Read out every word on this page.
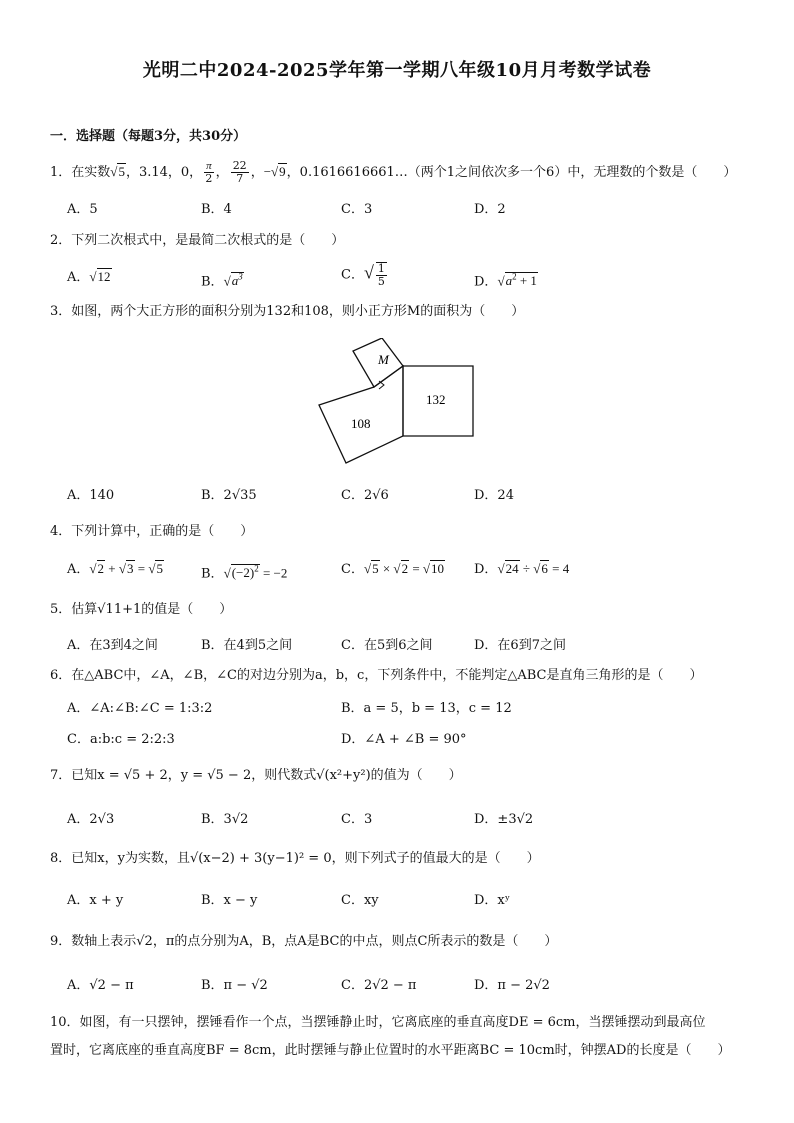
光明二中2024-2025学年第一学期八年级10月月考数学试卷
一．选择题（每题3分，共30分）
1．在实数√5，3.14，0， $\frac{\pi}{2}$ ， $\frac{22}{7}$ ，−√9，0.1616616661…（两个1之间依次多一个6）中，无理数的个数是（　　）
A．5	B．4	C．3	D．2
2．下列二次根式中，是最简二次根式的是（　　）
A．√12	B．$√a^3$	C．√ $\frac{1}{5}$	D．$√a^2 + 1$
3．如图，两个大正方形的面积分别为132和108，则小正方形M的面积为（　　）
M
132
108
A．140	B．2√35	C．2√6	D．24
4．下列计算中，正确的是（　　）
A．√2 + √3 = √5	B．$√(-2)^2 = -2$	C．√5 × √2 = √10 D．√24 ÷ √6 = 4
5．估算√11+1的值是（　　）
A．在3到4之间	B．在4到5之间	C．在5到6之间	D．在6到7之间
6．在△ABC中，∠A，∠B，∠C的对边分别为a，b，c，下列条件中，不能判定△ABC是直角三角形的是（　　）
A．∠A:∠B:∠C = 1:3:2	B．a = 5，b = 13，c = 12
C．a:b:c = 2:2:3	D．∠A + ∠B = 90°
7．已知x = √5 + 2，y = √5 − 2，则代数式√(x²+y²)的值为（　　）
A．2√3	B．3√2	C．3	D．±3√2
8．已知x，y为实数，且√(x−2) + 3(y−1)² = 0，则下列式子的值最大的是（　　）
A．x + y	B．x − y	C．xy	D．xʸ
9．数轴上表示√2，π的点分别为A，B，点A是BC的中点，则点C所表示的数是（　　）
A．√2 − π	B．π − √2	C．2√2 − π	D．π − 2√2
10．如图，有一只摆钟，摆锤看作一个点，当摆锤静止时，它离底座的垂直高度DE = 6cm，当摆锤摆动到最高位
置时，它离底座的垂直高度BF = 8cm，此时摆锤与静止位置时的水平距离BC = 10cm时，钟摆AD的长度是（　　）
